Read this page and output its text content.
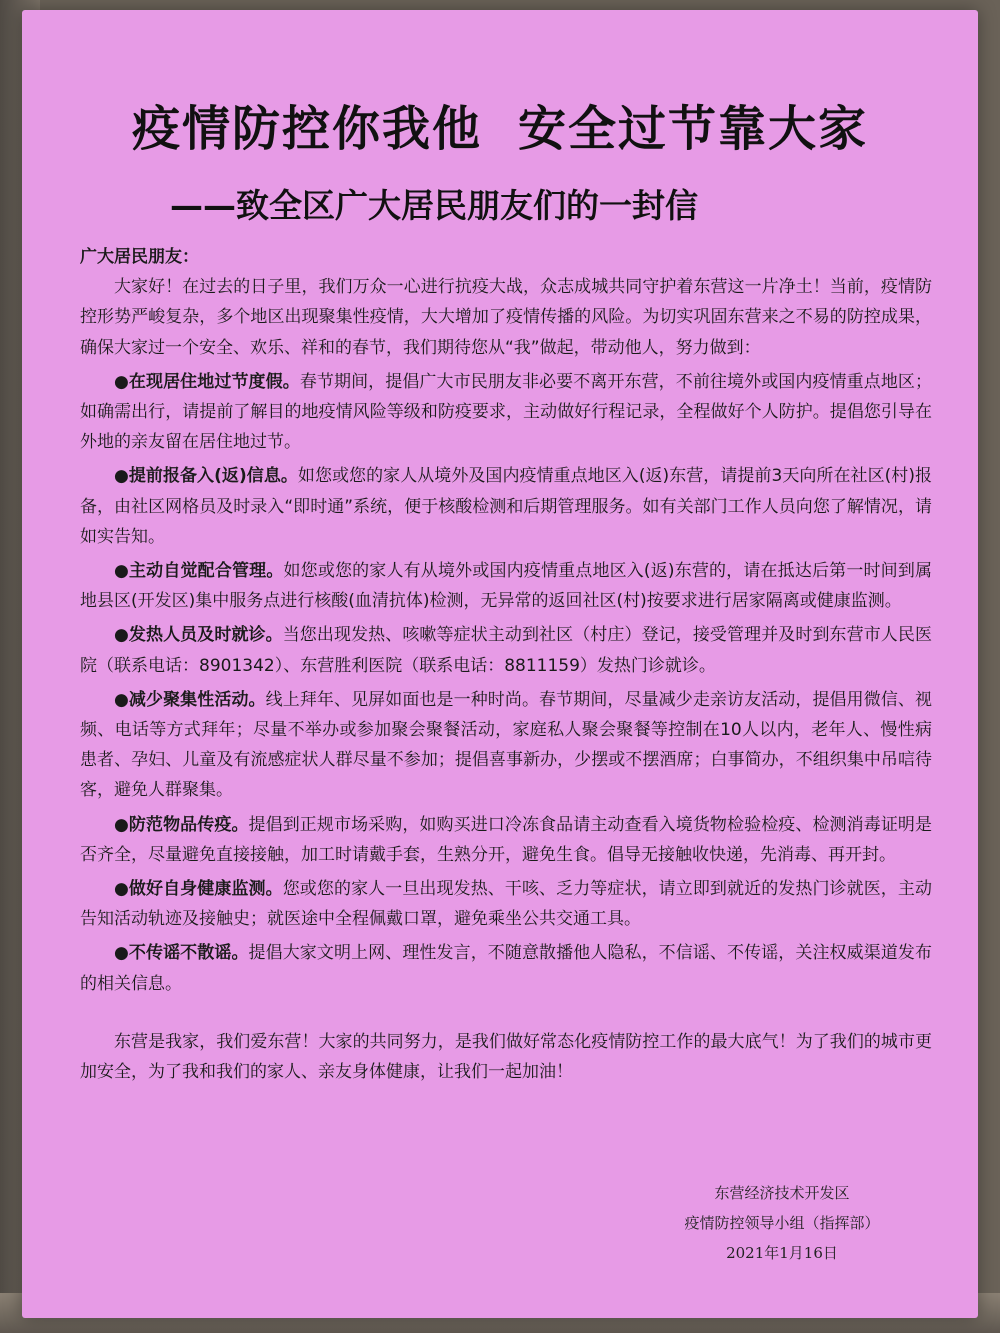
疫情防控你我他 安全过节靠大家
——致全区广大居民朋友们的一封信

广大居民朋友：

大家好！在过去的日子里，我们万众一心进行抗疫大战，众志成城共同守护着东营这一片净土！当前，疫情防控形势严峻复杂，多个地区出现聚集性疫情，大大增加了疫情传播的风险。为切实巩固东营来之不易的防控成果，确保大家过一个安全、欢乐、祥和的春节，我们期待您从“我”做起，带动他人，努力做到：

●在现居住地过节度假。春节期间，提倡广大市民朋友非必要不离开东营，不前往境外或国内疫情重点地区；如确需出行，请提前了解目的地疫情风险等级和防疫要求，主动做好行程记录，全程做好个人防护。提倡您引导在外地的亲友留在居住地过节。

●提前报备入(返)信息。如您或您的家人从境外及国内疫情重点地区入(返)东营，请提前3天向所在社区(村)报备，由社区网格员及时录入“即时通”系统，便于核酸检测和后期管理服务。如有关部门工作人员向您了解情况，请如实告知。

●主动自觉配合管理。如您或您的家人有从境外或国内疫情重点地区入(返)东营的，请在抵达后第一时间到属地县区(开发区)集中服务点进行核酸(血清抗体)检测，无异常的返回社区(村)按要求进行居家隔离或健康监测。

●发热人员及时就诊。当您出现发热、咳嗽等症状主动到社区（村庄）登记，接受管理并及时到东营市人民医院（联系电话：8901342）、东营胜利医院（联系电话：8811159）发热门诊就诊。

●减少聚集性活动。线上拜年、见屏如面也是一种时尚。春节期间，尽量减少走亲访友活动，提倡用微信、视频、电话等方式拜年；尽量不举办或参加聚会聚餐活动，家庭私人聚会聚餐等控制在10人以内，老年人、慢性病患者、孕妇、儿童及有流感症状人群尽量不参加；提倡喜事新办，少摆或不摆酒席；白事简办，不组织集中吊唁待客，避免人群聚集。

●防范物品传疫。提倡到正规市场采购，如购买进口冷冻食品请主动查看入境货物检验检疫、检测消毒证明是否齐全，尽量避免直接接触，加工时请戴手套，生熟分开，避免生食。倡导无接触收快递，先消毒、再开封。

●做好自身健康监测。您或您的家人一旦出现发热、干咳、乏力等症状，请立即到就近的发热门诊就医，主动告知活动轨迹及接触史；就医途中全程佩戴口罩，避免乘坐公共交通工具。

●不传谣不散谣。提倡大家文明上网、理性发言，不随意散播他人隐私，不信谣、不传谣，关注权威渠道发布的相关信息。

东营是我家，我们爱东营！大家的共同努力，是我们做好常态化疫情防控工作的最大底气！为了我们的城市更加安全，为了我和我们的家人、亲友身体健康，让我们一起加油！

东营经济技术开发区
疫情防控领导小组（指挥部）
2021年1月16日
